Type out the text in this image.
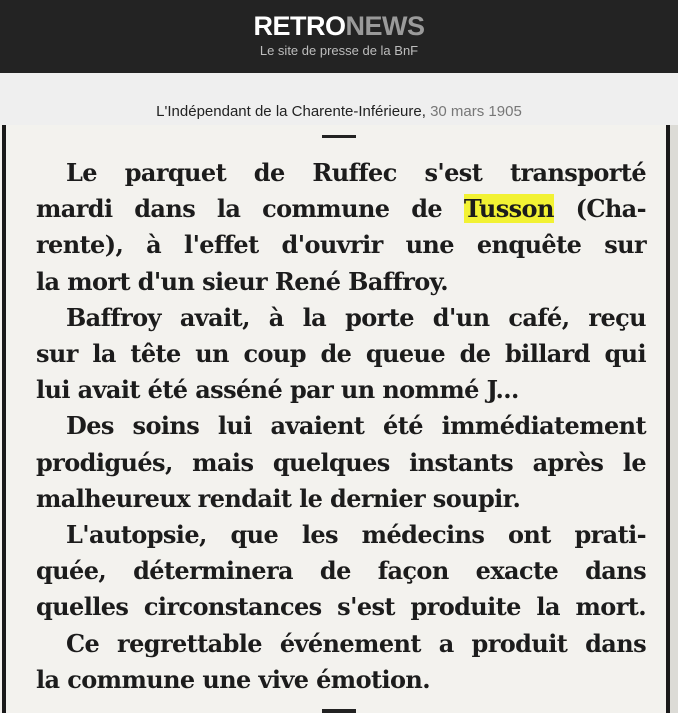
RETRONEWS
Le site de presse de la BnF
L'Indépendant de la Charente-Inférieure, 30 mars 1905
Le parquet de Ruffec s'est transporté
mardi dans la commune de Tusson (Cha-
rente), à l'effet d'ouvrir une enquête sur
la mort d'un sieur René Baffroy.
Baffroy avait, à la porte d'un café, reçu
sur la tête un coup de queue de billard qui
lui avait été asséné par un nommé J...
Des soins lui avaient été immédiatement
prodigués, mais quelques instants après le
malheureux rendait le dernier soupir.
L'autopsie, que les médecins ont prati-
quée, déterminera de façon exacte dans
quelles circonstances s'est produite la mort.
Ce regrettable événement a produit dans
la commune une vive émotion.
